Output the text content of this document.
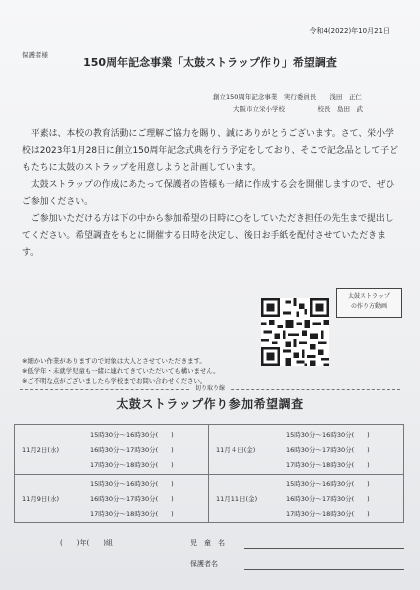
令和4(2022)年10月21日
保護者様
150周年記念事業「太鼓ストラップ作り」希望調査
創立150周年記念事業　実行委員長　　浅田　正仁
大阪市立栄小学校　　　　　校長　島田　武

平素は、本校の教育活動にご理解ご協力を賜り、誠にありがとうございます。さて、栄小学校は2023年1月28日に創立150周年記念式典を行う予定をしており、そこで記念品として子どもたちに太鼓のストラップを用意しようと計画しています。

太鼓ストラップの作成にあたって保護者の皆様も一緒に作成する会を開催しますので、ぜひご参加ください。

ご参加いただける方は下の中から参加希望の日時に○をしていただき担任の先生まで提出してください。希望調査をもとに開催する日時を決定し、後日お手紙を配付させていただきます。

太鼓ストラップ
の作り方動画
※細かい作業がありますので対象は大人とさせていただきます。
※低学年・未就学児童も一緒に連れてきていただいても構いません。
※ご不明な点がございましたら学校までお問い合わせください。
切り取り線
太鼓ストラップ作り参加希望調査
11月2日(水)
15時30分～16時30分(　　)
16時30分～17時30分(　　)
17時30分～18時30分(　　)
11月４日(金)
15時30分～16時30分(　　)
16時30分～17時30分(　　)
17時30分～18時30分(　　)
11月9日(水)
15時30分～16時30分(　　)
16時30分～17時30分(　　)
17時30分～18時30分(　　)
11月11日(金)
15時30分～16時30分(　　)
16時30分～17時30分(　　)
17時30分～18時30分(　　)
(　　)年(　　)組	児　童　名
保護者名
